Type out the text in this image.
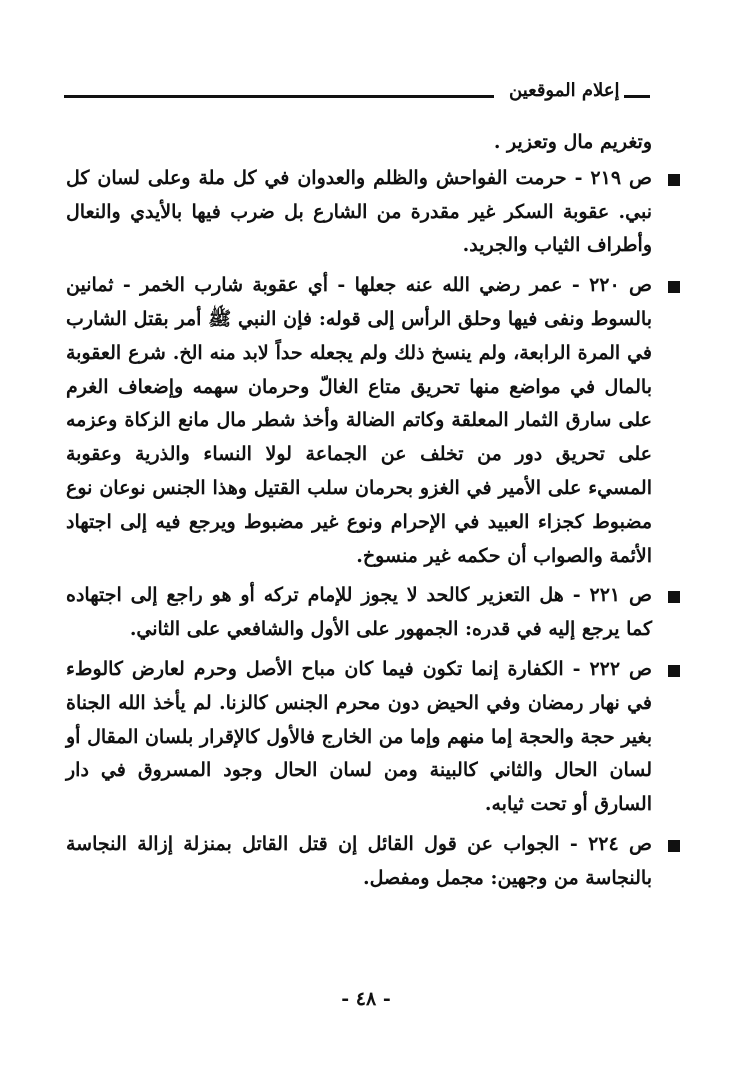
إعلام الموقعين

وتغريم مال وتعزير .

ص ٢١٩ - حرمت الفواحش والظلم والعدوان في كل ملة وعلى لسان كل نبي. عقوبة السكر غير مقدرة من الشارع بل ضرب فيها بالأيدي والنعال وأطراف الثياب والجريد.

ص ٢٢٠ - عمر رضي الله عنه جعلها - أي عقوبة شارب الخمر - ثمانين بالسوط ونفى فيها وحلق الرأس إلى قوله: فإن النبي ﷺ أمر بقتل الشارب في المرة الرابعة، ولم ينسخ ذلك ولم يجعله حداً لابد منه الخ. شرع العقوبة بالمال في مواضع منها تحريق متاع الغالّ وحرمان سهمه وإضعاف الغرم على سارق الثمار المعلقة وكاتم الضالة وأخذ شطر مال مانع الزكاة وعزمه على تحريق دور من تخلف عن الجماعة لولا النساء والذرية وعقوبة المسيء على الأمير في الغزو بحرمان سلب القتيل وهذا الجنس نوعان نوع مضبوط كجزاء العبيد في الإحرام ونوع غير مضبوط ويرجع فيه إلى اجتهاد الأئمة والصواب أن حكمه غير منسوخ.

ص ٢٢١ - هل التعزير كالحد لا يجوز للإمام تركه أو هو راجع إلى اجتهاده كما يرجع إليه في قدره: الجمهور على الأول والشافعي على الثاني.

ص ٢٢٢ - الكفارة إنما تكون فيما كان مباح الأصل وحرم لعارض كالوطء في نهار رمضان وفي الحيض دون محرم الجنس كالزنا. لم يأخذ الله الجناة بغير حجة والحجة إما منهم وإما من الخارج فالأول كالإقرار بلسان المقال أو لسان الحال والثاني كالبينة ومن لسان الحال وجود المسروق في دار السارق أو تحت ثيابه.

ص ٢٢٤ - الجواب عن قول القائل إن قتل القاتل بمنزلة إزالة النجاسة بالنجاسة من وجهين: مجمل ومفصل.

- ٤٨ -
